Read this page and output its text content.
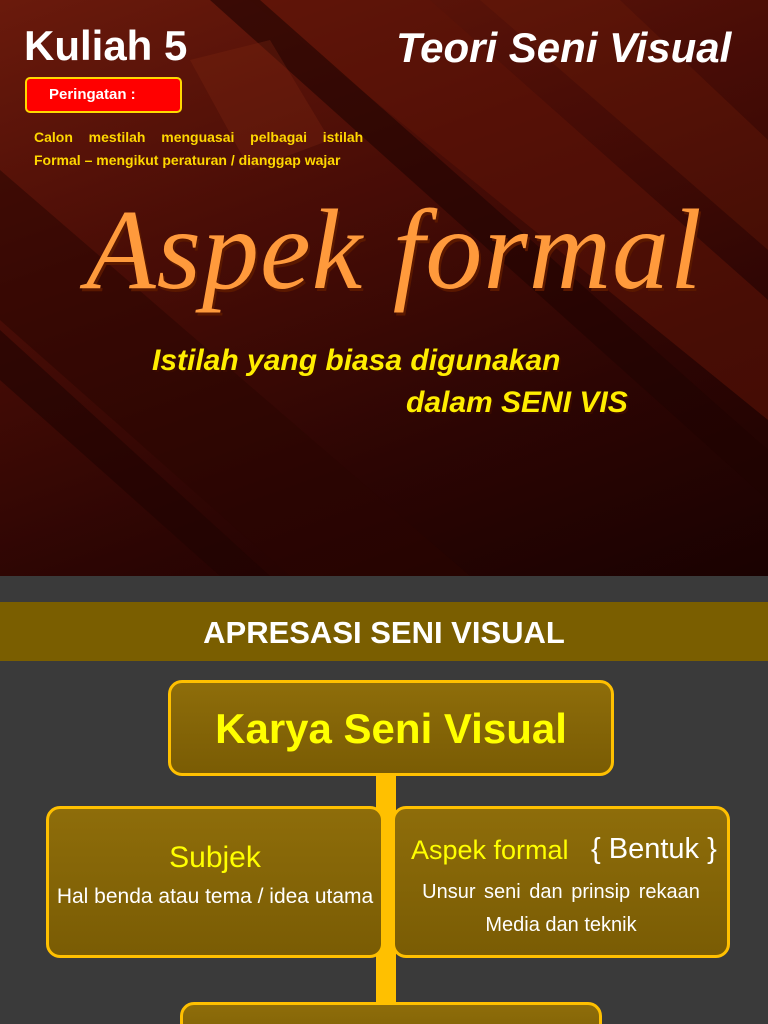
Kuliah 5	Teori Seni Visual
Peringatan :
Calon  mestilah  menguasai  pelbagai  istilah
Formal – mengikut peraturan / dianggap wajar
Aspek formal
Istilah yang biasa digunakan
dalam SENI VIS
APRESASI SENI VISUAL
Karya Seni Visual
Subjek
Hal benda atau tema / idea utama
Aspek formal { Bentuk }
Unsur seni dan prinsip rekaan
Media dan teknik
